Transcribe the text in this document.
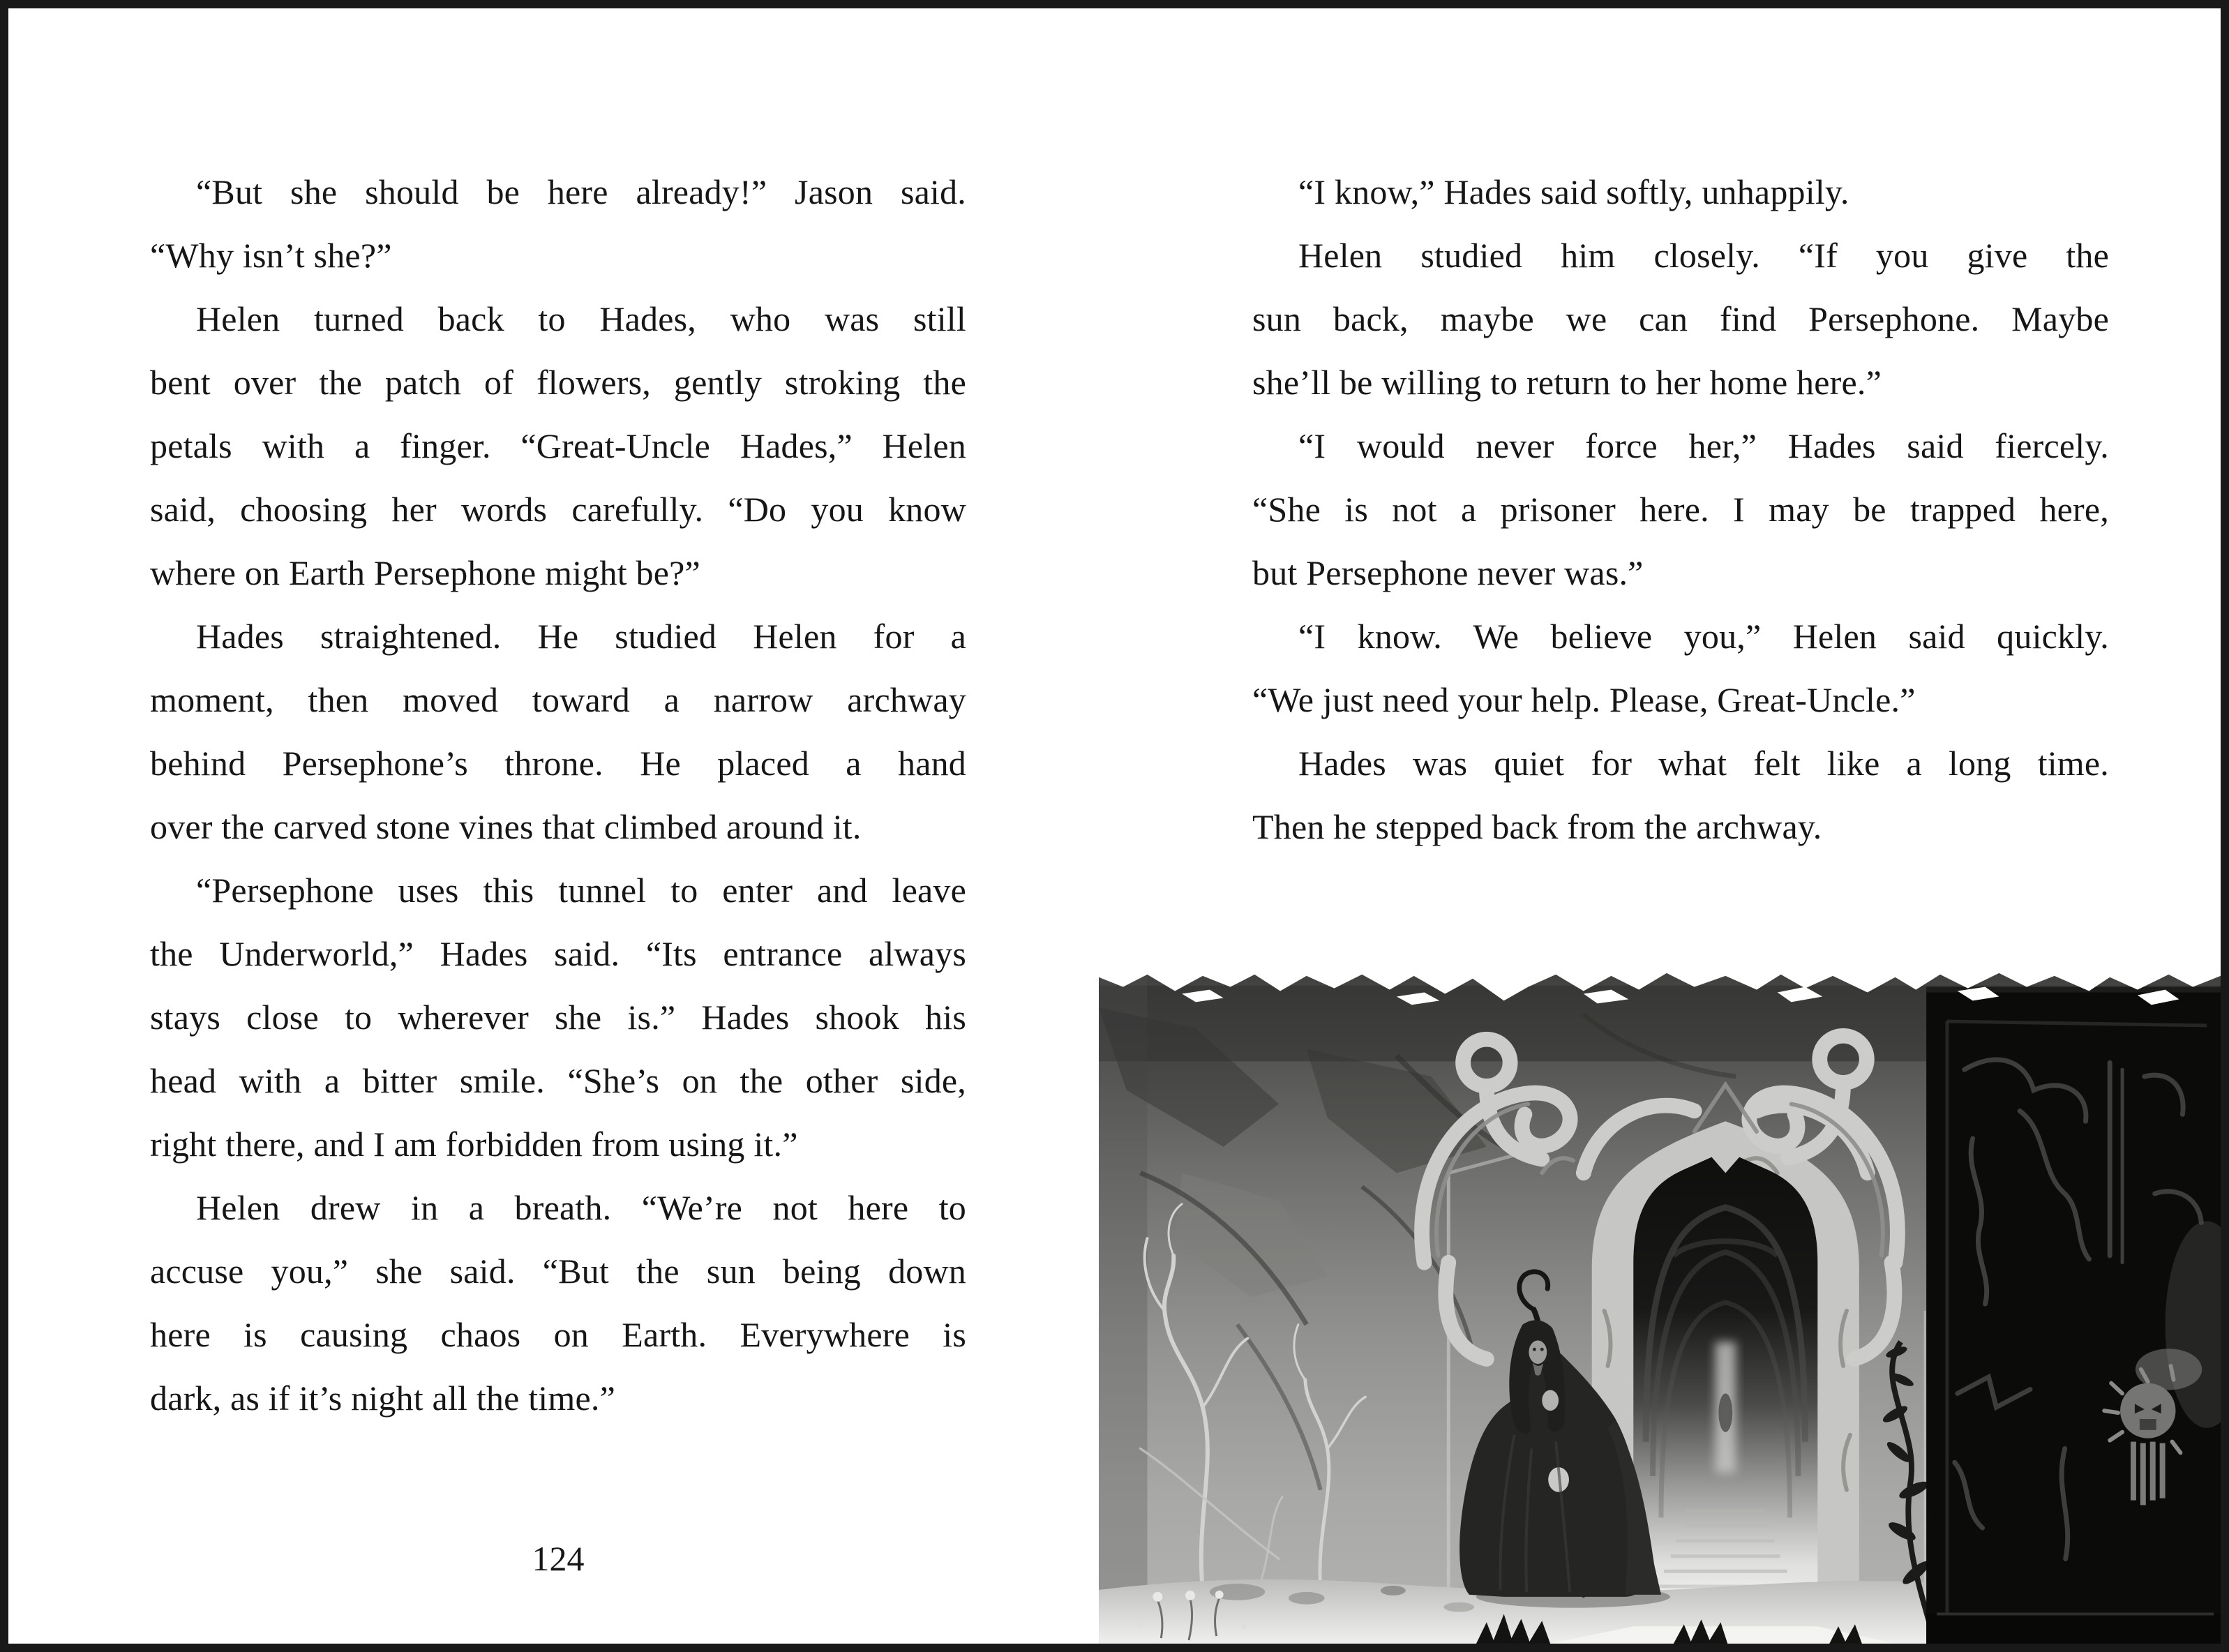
“But she should be here already!” Jason said.
“Why isn’t she?”
Helen turned back to Hades, who was still
bent over the patch of flowers, gently stroking the
petals with a finger. “Great-Uncle Hades,” Helen
said, choosing her words carefully. “Do you know
where on Earth Persephone might be?”
Hades straightened. He studied Helen for a
moment, then moved toward a narrow archway
behind Persephone’s throne. He placed a hand
over the carved stone vines that climbed around it.
“Persephone uses this tunnel to enter and leave
the Underworld,” Hades said. “Its entrance always
stays close to wherever she is.” Hades shook his
head with a bitter smile. “She’s on the other side,
right there, and I am forbidden from using it.”
Helen drew in a breath. “We’re not here to
accuse you,” she said. “But the sun being down
here is causing chaos on Earth. Everywhere is
dark, as if it’s night all the time.”
“I know,” Hades said softly, unhappily.
Helen studied him closely. “If you give the
sun back, maybe we can find Persephone. Maybe
she’ll be willing to return to her home here.”
“I would never force her,” Hades said fiercely.
“She is not a prisoner here. I may be trapped here,
but Persephone never was.”
“I know. We believe you,” Helen said quickly.
“We just need your help. Please, Great-Uncle.”
Hades was quiet for what felt like a long time.
Then he stepped back from the archway.
124
